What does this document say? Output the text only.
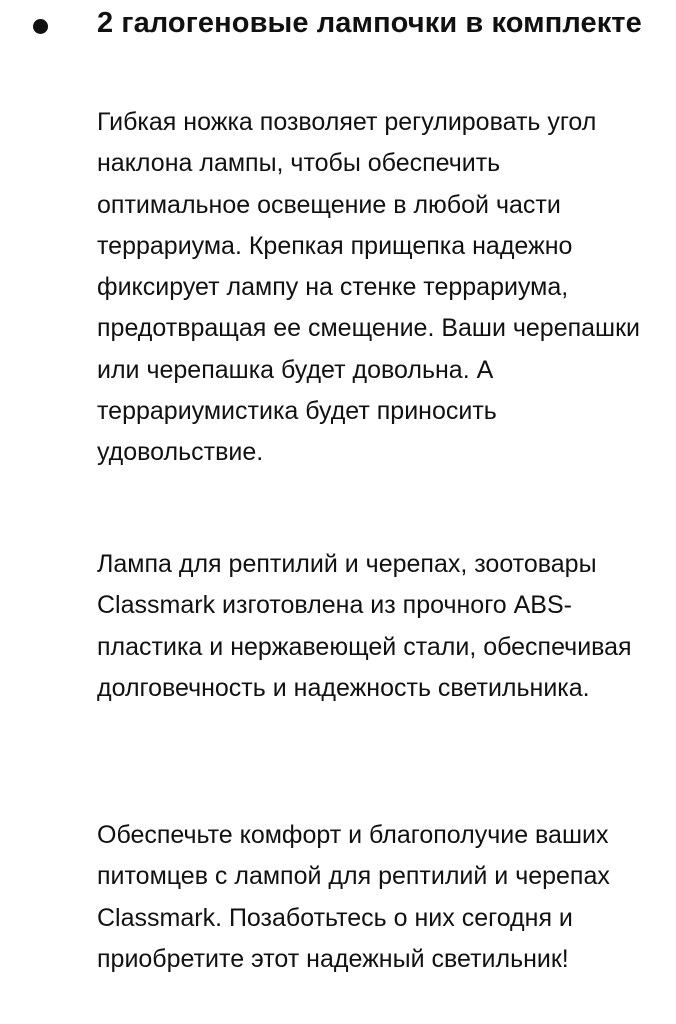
2 галогеновые лампочки в комплекте

Гибкая ножка позволяет регулировать угол наклона лампы, чтобы обеспечить оптимальное освещение в любой части террариума. Крепкая прищепка надежно фиксирует лампу на стенке террариума, предотвращая ее смещение. Ваши черепашки или черепашка будет довольна. А террариумистика будет приносить удовольствие.

Лампа для рептилий и черепах, зоотовары Classmark изготовлена из прочного ABS-пластика и нержавеющей стали, обеспечивая долговечность и надежность светильника.

Обеспечьте комфорт и благополучие ваших питомцев с лампой для рептилий и черепах Classmark. Позаботьтесь о них сегодня и приобретите этот надежный светильник!
